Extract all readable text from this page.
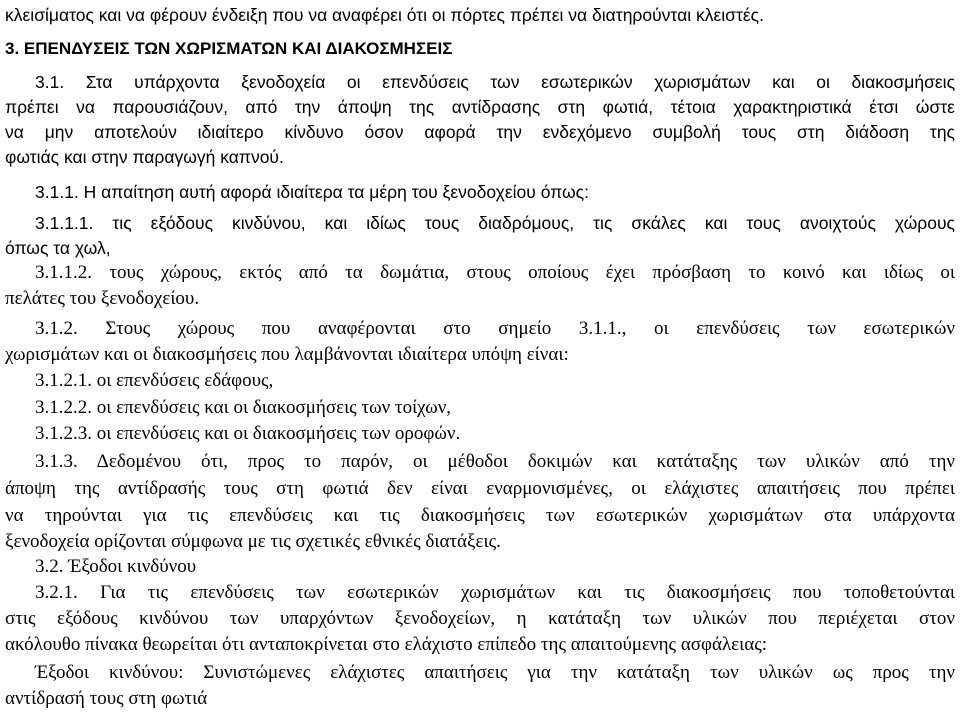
κλεισίματος και να φέρουν ένδειξη που να αναφέρει ότι οι πόρτες πρέπει να διατηρούνται κλειστές.
3. ΕΠΕΝΔΥΣΕΙΣ ΤΩΝ ΧΩΡΙΣΜΑΤΩΝ ΚΑΙ ΔΙΑΚΟΣΜΗΣΕΙΣ
3.1. Στα υπάρχοντα ξενοδοχεία οι επενδύσεις των εσωτερικών χωρισμάτων και οι διακοσμήσεις
πρέπει να παρουσιάζουν, από την άποψη της αντίδρασης στη φωτιά, τέτοια χαρακτηριστικά έτσι ώστε
να μην αποτελούν ιδιαίτερο κίνδυνο όσον αφορά την ενδεχόμενο συμβολή τους στη διάδοση της
φωτιάς και στην παραγωγή καπνού.
3.1.1. Η απαίτηση αυτή αφορά ιδιαίτερα τα μέρη του ξενοδοχείου όπως:
3.1.1.1. τις εξόδους κινδύνου, και ιδίως τους διαδρόμους, τις σκάλες και τους ανοιχτούς χώρους
όπως τα χωλ,
3.1.1.2. τους χώρους, εκτός από τα δωμάτια, στους οποίους έχει πρόσβαση το κοινό και ιδίως οι
πελάτες του ξενοδοχείου.
3.1.2. Στους χώρους που αναφέρονται στο σημείο 3.1.1., οι επενδύσεις των εσωτερικών
χωρισμάτων και οι διακοσμήσεις που λαμβάνονται ιδιαίτερα υπόψη είναι:
3.1.2.1. οι επενδύσεις εδάφους,
3.1.2.2. οι επενδύσεις και οι διακοσμήσεις των τοίχων,
3.1.2.3. οι επενδύσεις και οι διακοσμήσεις των οροφών.
3.1.3. Δεδομένου ότι, προς το παρόν, οι μέθοδοι δοκιμών και κατάταξης των υλικών από την
άποψη της αντίδρασής τους στη φωτιά δεν είναι εναρμονισμένες, οι ελάχιστες απαιτήσεις που πρέπει
να τηρούνται για τις επενδύσεις και τις διακοσμήσεις των εσωτερικών χωρισμάτων στα υπάρχοντα
ξενοδοχεία ορίζονται σύμφωνα με τις σχετικές εθνικές διατάξεις.
3.2. Έξοδοι κινδύνου
3.2.1. Για τις επενδύσεις των εσωτερικών χωρισμάτων και τις διακοσμήσεις που τοποθετούνται
στις εξόδους κινδύνου των υπαρχόντων ξενοδοχείων, η κατάταξη των υλικών που περιέχεται στον
ακόλουθο πίνακα θεωρείται ότι ανταποκρίνεται στο ελάχιστο επίπεδο της απαιτούμενης ασφάλειας:
Έξοδοι κινδύνου: Συνιστώμενες ελάχιστες απαιτήσεις για την κατάταξη των υλικών ως προς την
αντίδρασή τους στη φωτιά
